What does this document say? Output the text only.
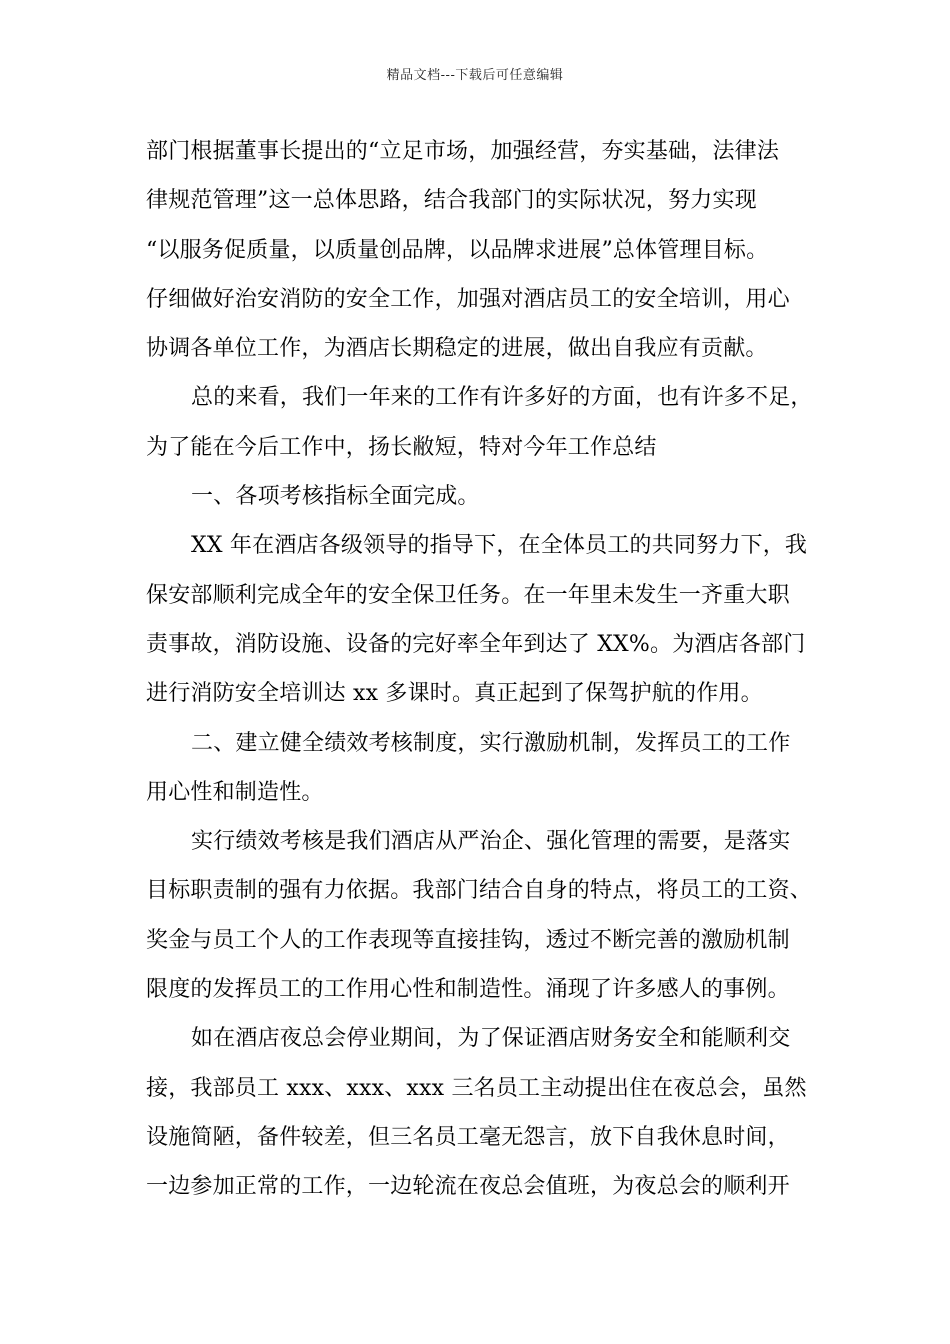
精品文档---下载后可任意编辑
部门根据董事长提出的“立足市场，加强经营，夯实基础，法律法
律规范管理”这一总体思路，结合我部门的实际状况，努力实现
“以服务促质量，以质量创品牌，以品牌求进展”总体管理目标。
仔细做好治安消防的安全工作，加强对酒店员工的安全培训，用心
协调各单位工作，为酒店长期稳定的进展，做出自我应有贡献。
总的来看，我们一年来的工作有许多好的方面，也有许多不足，
为了能在今后工作中，扬长敝短，特对今年工作总结
一、各项考核指标全面完成。
XX 年在酒店各级领导的指导下，在全体员工的共同努力下，我
保安部顺利完成全年的安全保卫任务。在一年里未发生一齐重大职
责事故，消防设施、设备的完好率全年到达了 XX%。为酒店各部门
进行消防安全培训达 xx 多课时。真正起到了保驾护航的作用。
二、建立健全绩效考核制度，实行激励机制，发挥员工的工作
用心性和制造性。
实行绩效考核是我们酒店从严治企、强化管理的需要，是落实
目标职责制的强有力依据。我部门结合自身的特点，将员工的工资、
奖金与员工个人的工作表现等直接挂钩，透过不断完善的激励机制
限度的发挥员工的工作用心性和制造性。涌现了许多感人的事例。
如在酒店夜总会停业期间，为了保证酒店财务安全和能顺利交
接，我部员工 xxx、xxx、xxx 三名员工主动提出住在夜总会，虽然
设施简陋，备件较差，但三名员工毫无怨言，放下自我休息时间，
一边参加正常的工作，一边轮流在夜总会值班，为夜总会的顺利开
